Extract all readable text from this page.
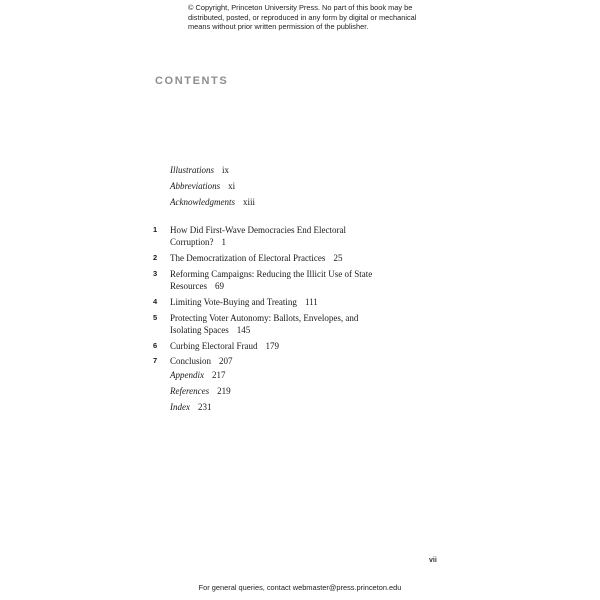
© Copyright, Princeton University Press. No part of this book may be
distributed, posted, or reproduced in any form by digital or mechanical
means without prior written permission of the publisher.
CONTENTS
Illustrations ix
Abbreviations xi
Acknowledgments xiii
1 How Did First-Wave Democracies End Electoral Corruption? 1
2 The Democratization of Electoral Practices 25
3 Reforming Campaigns: Reducing the Illicit Use of State Resources 69
4 Limiting Vote-Buying and Treating 111
5 Protecting Voter Autonomy: Ballots, Envelopes, and Isolating Spaces 145
6 Curbing Electoral Fraud 179
7 Conclusion 207
Appendix 217
References 219
Index 231
vii
For general queries, contact webmaster@press.princeton.edu
